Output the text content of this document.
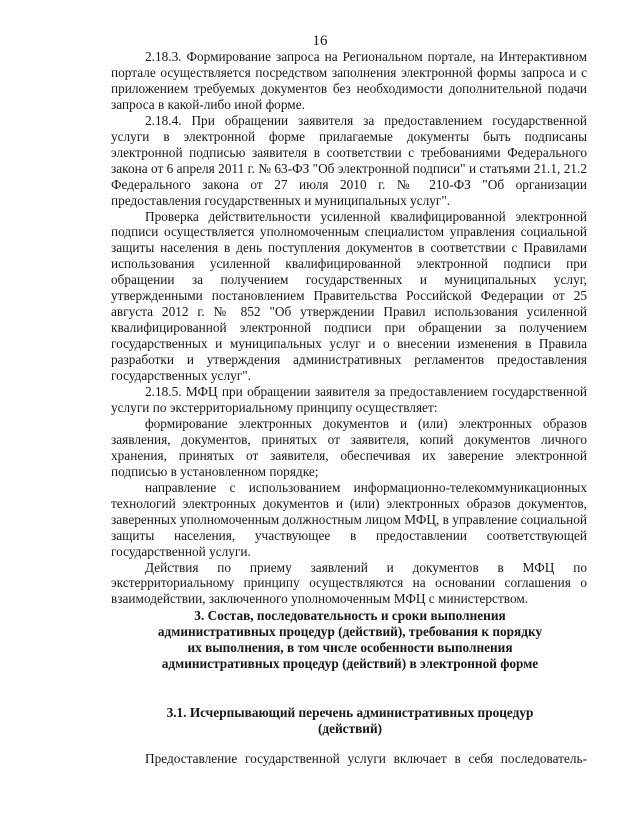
16

2.18.3. Формирование запроса на Региональном портале, на Интерактивном портале осуществляется посредством заполнения электронной формы запроса и с приложением требуемых документов без необходимости дополнительной подачи запроса в какой-либо иной форме.

2.18.4. При обращении заявителя за предоставлением государственной услуги в электронной форме прилагаемые документы быть подписаны электронной подписью заявителя в соответствии с требованиями Федерального закона от 6 апреля 2011 г. № 63-ФЗ "Об электронной подписи" и статьями 21.1, 21.2 Федерального закона от 27 июля 2010 г. № 210-ФЗ "Об организации предоставления государственных и муниципальных услуг".

Проверка действительности усиленной квалифицированной электронной подписи осуществляется уполномоченным специалистом управления социальной защиты населения в день поступления документов в соответствии с Правилами использования усиленной квалифицированной электронной подписи при обращении за получением государственных и муниципальных услуг, утвержденными постановлением Правительства Российской Федерации от 25 августа 2012 г. № 852 "Об утверждении Правил использования усиленной квалифицированной электронной подписи при обращении за получением государственных и муниципальных услуг и о внесении изменения в Правила разработки и утверждения административных регламентов предоставления государственных услуг".

2.18.5. МФЦ при обращении заявителя за предоставлением государственной услуги по экстерриториальному принципу осуществляет:

формирование электронных документов и (или) электронных образов заявления, документов, принятых от заявителя, копий документов личного хранения, принятых от заявителя, обеспечивая их заверение электронной подписью в установленном порядке;

направление с использованием информационно-телекоммуникационных технологий электронных документов и (или) электронных образов документов, заверенных уполномоченным должностным лицом МФЦ, в управление социальной защиты населения, участвующее в предоставлении соответствующей государственной услуги.

Действия по приему заявлений и документов в МФЦ по экстерриториальному принципу осуществляются на основании соглашения о взаимодействии, заключенного уполномоченным МФЦ с министерством.

3. Состав, последовательность и сроки выполнения административных процедур (действий), требования к порядку их выполнения, в том числе особенности выполнения административных процедур (действий) в электронной форме
3.1. Исчерпывающий перечень административных процедур (действий)
Предоставление государственной услуги включает в себя последователь-
